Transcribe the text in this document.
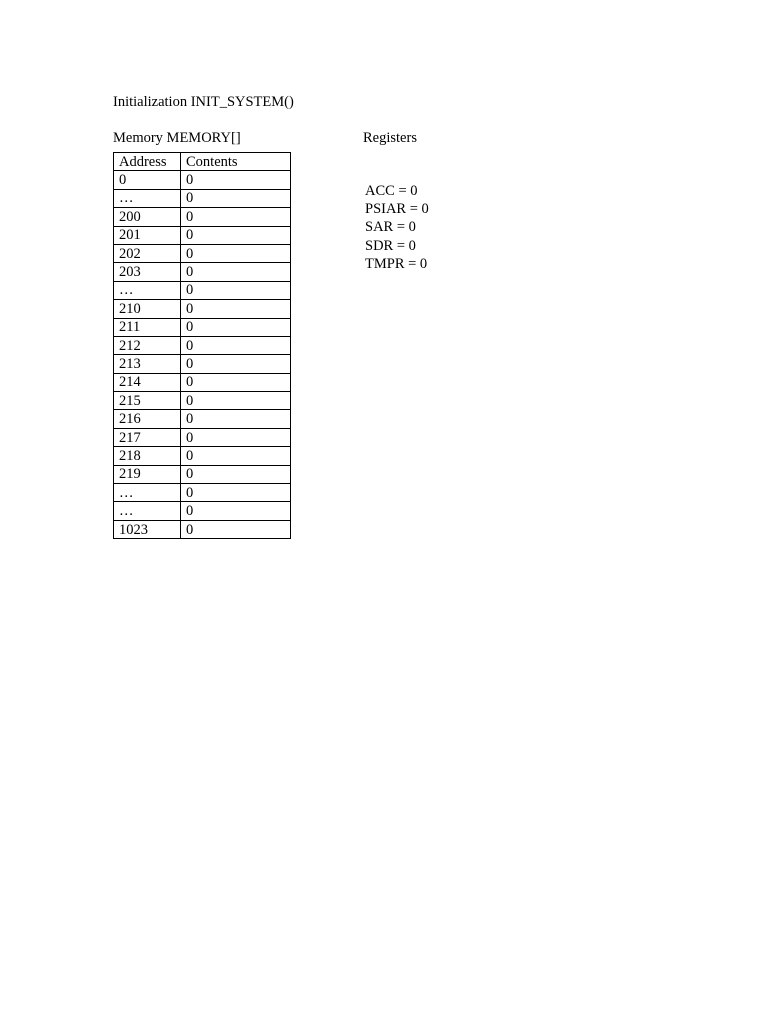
Initialization INIT_SYSTEM()
Memory MEMORY[]	Registers
Address	Contents
0	0
…	0
200	0
201	0
202	0
203	0
…	0
210	0
211	0
212	0
213	0
214	0
215	0
216	0
217	0
218	0
219	0
…	0
…	0
1023	0
ACC = 0
PSIAR = 0
SAR = 0
SDR = 0
TMPR = 0
